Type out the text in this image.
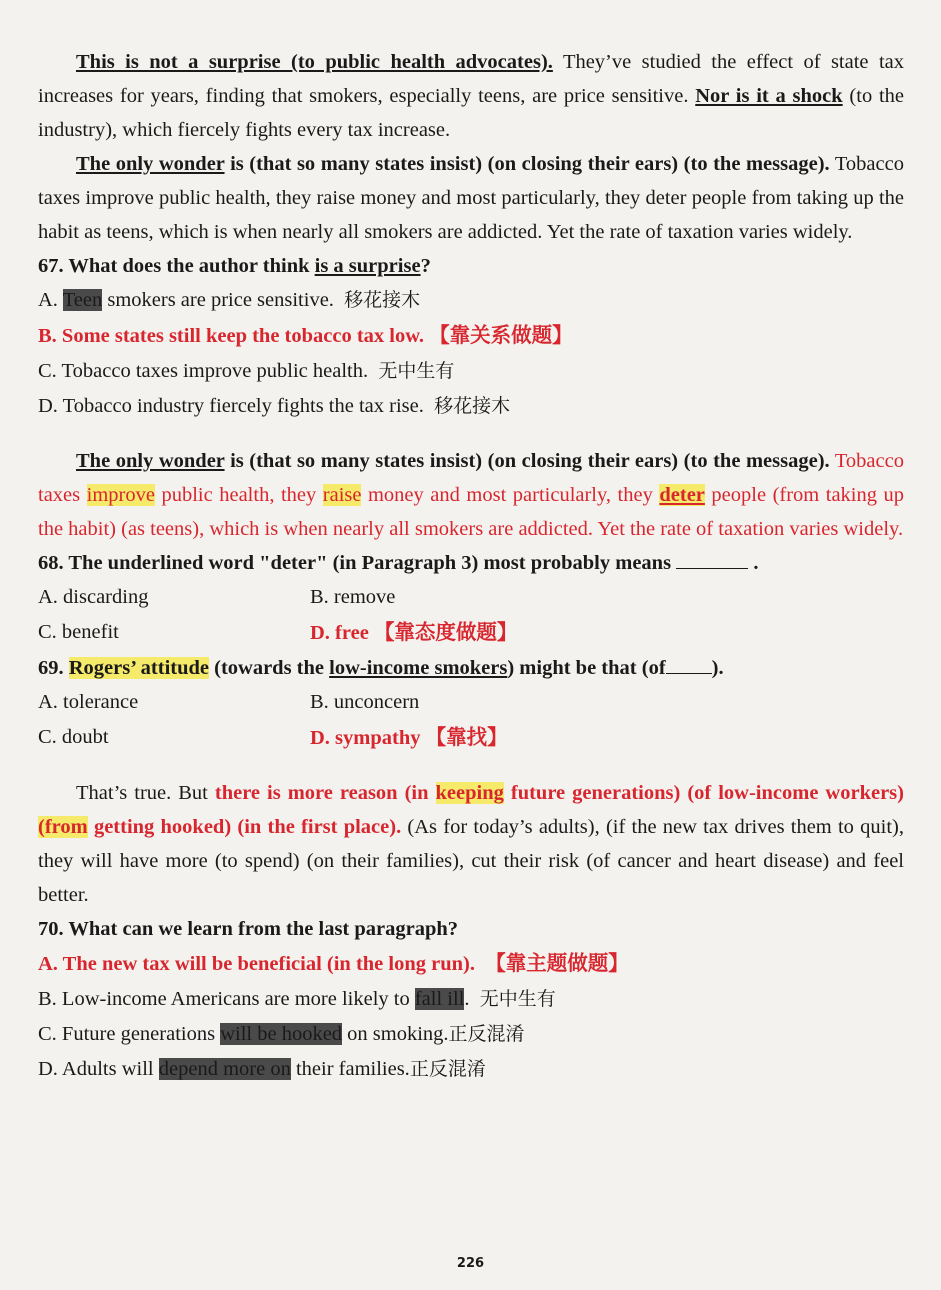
This is not a surprise (to public health advocates). They’ve studied the effect of state tax increases for years, finding that smokers, especially teens, are price sensitive. Nor is it a shock (to the industry), which fiercely fights every tax increase.

The only wonder is (that so many states insist) (on closing their ears) (to the message). Tobacco taxes improve public health, they raise money and most particularly, they deter people from taking up the habit as teens, which is when nearly all smokers are addicted. Yet the rate of taxation varies widely.

67. What does the author think is a surprise?

A. Teen smokers are price sensitive. 移花接木

B. Some states still keep the tobacco tax low. 【靠关系做题】

C. Tobacco taxes improve public health. 无中生有

D. Tobacco industry fiercely fights the tax rise. 移花接木

The only wonder is (that so many states insist) (on closing their ears) (to the message). Tobacco taxes improve public health, they raise money and most particularly, they deter people (from taking up the habit) (as teens), which is when nearly all smokers are addicted. Yet the rate of taxation varies widely.

68. The underlined word "deter" (in Paragraph 3) most probably means	.

A. discarding	B. remove
C. benefit	D. free 【靠态度做题】

69. Rogers’ attitude (towards the low-income smokers) might be that (of ).

A. tolerance	B. unconcern
C. doubt	D. sympathy 【靠找】

That’s true. But there is more reason (in keeping future generations) (of low-income workers) (from getting hooked) (in the first place). (As for today’s adults), (if the new tax drives them to quit), they will have more (to spend) (on their families), cut their risk (of cancer and heart disease) and feel better.

70. What can we learn from the last paragraph?

A. The new tax will be beneficial (in the long run). 【靠主题做题】

B. Low-income Americans are more likely to fall ill. 无中生有

C. Future generations will be hooked on smoking.正反混淆

D. Adults will depend more on their families.正反混淆

226
